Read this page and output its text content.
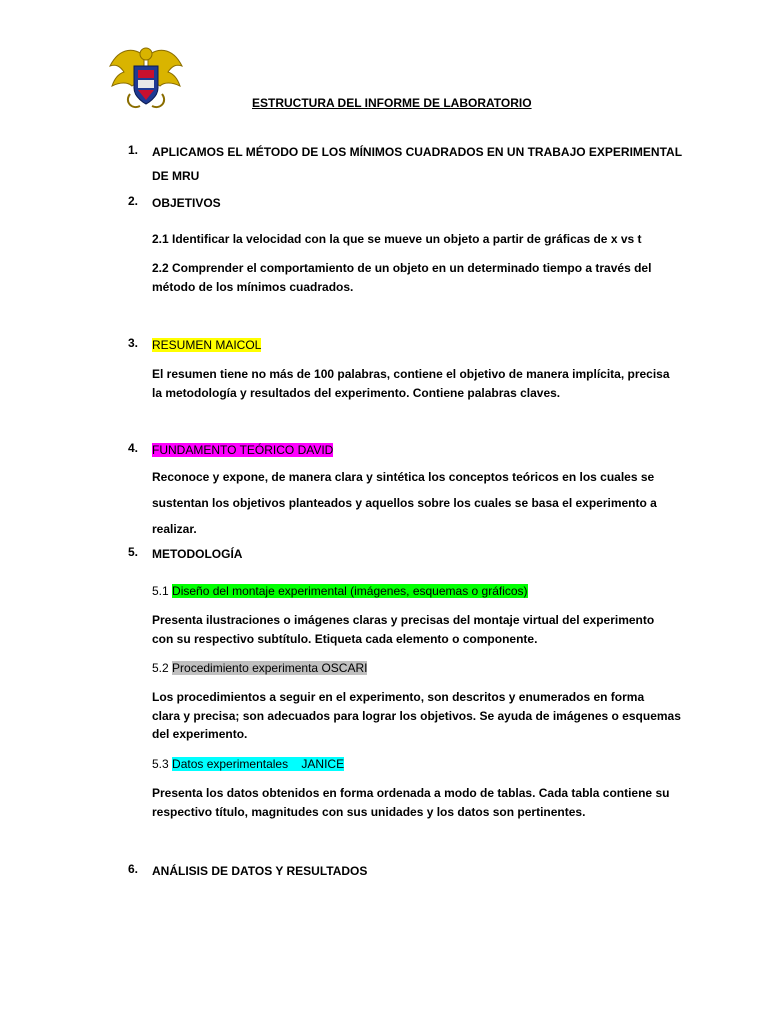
ESTRUCTURA DEL INFORME DE LABORATORIO
1.	APLICAMOS EL MÉTODO DE LOS MÍNIMOS CUADRADOS EN UN TRABAJO EXPERIMENTAL
DE MRU
2.	OBJETIVOS
2.1 Identificar la velocidad con la que se mueve un objeto a partir de gráficas de x vs t
2.2 Comprender el comportamiento de un objeto en un determinado tiempo a través del
método de los mínimos cuadrados.
3.	RESUMEN MAICOL
El resumen tiene no más de 100 palabras, contiene el objetivo de manera implícita, precisa
la metodología y resultados del experimento. Contiene palabras claves.
4.	FUNDAMENTO TEÓRICO DAVID
Reconoce y expone, de manera clara y sintética los conceptos teóricos en los cuales se
sustentan los objetivos planteados y aquellos sobre los cuales se basa el experimento a
realizar.
5.	METODOLOGÍA
5.1 Diseño del montaje experimental (imágenes, esquemas o gráficos)
Presenta ilustraciones o imágenes claras y precisas del montaje virtual del experimento
con su respectivo subtítulo. Etiqueta cada elemento o componente.
5.2 Procedimiento experimenta OSCARI
Los procedimientos a seguir en el experimento, son descritos y enumerados en forma
clara y precisa; son adecuados para lograr los objetivos. Se ayuda de imágenes o esquemas
del experimento.
5.3 Datos experimentales    JANICE
Presenta los datos obtenidos en forma ordenada a modo de tablas. Cada tabla contiene su
respectivo título, magnitudes con sus unidades y los datos son pertinentes.
6.	ANÁLISIS DE DATOS Y RESULTADOS
